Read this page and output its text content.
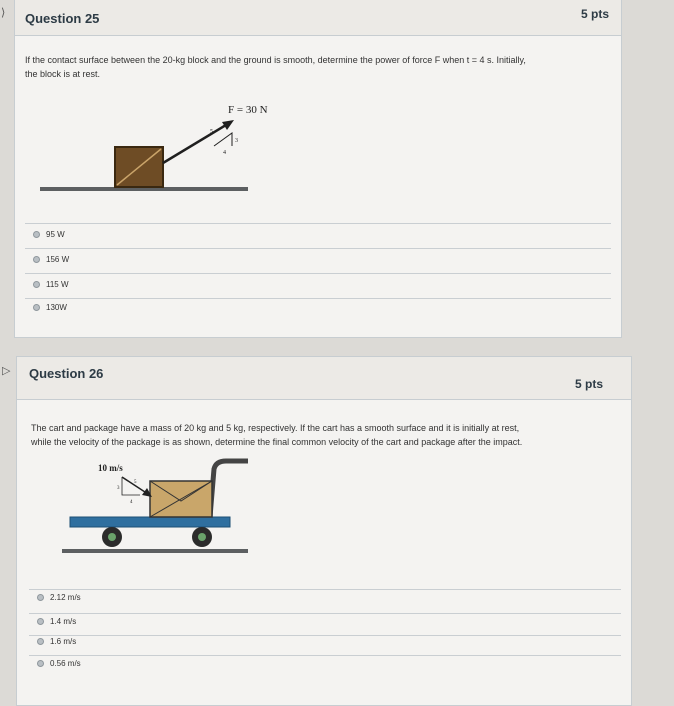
⟩	Question 25	5 pts
If the contact surface between the 20-kg block and the ground is smooth, determine the power of force F when t = 4 s. Initially,
the block is at rest.
F = 30 N
5
3
4
95 W
156 W
115 W
130W
▷ Question 26
5 pts
The cart and package have a mass of 20 kg and 5 kg, respectively. If the cart has a smooth surface and it is initially at rest,
while the velocity of the package is as shown, determine the final common velocity of the cart and package after the impact.
10 m/s
5
3
4
2.12 m/s
1.4 m/s
1.6 m/s
0.56 m/s
